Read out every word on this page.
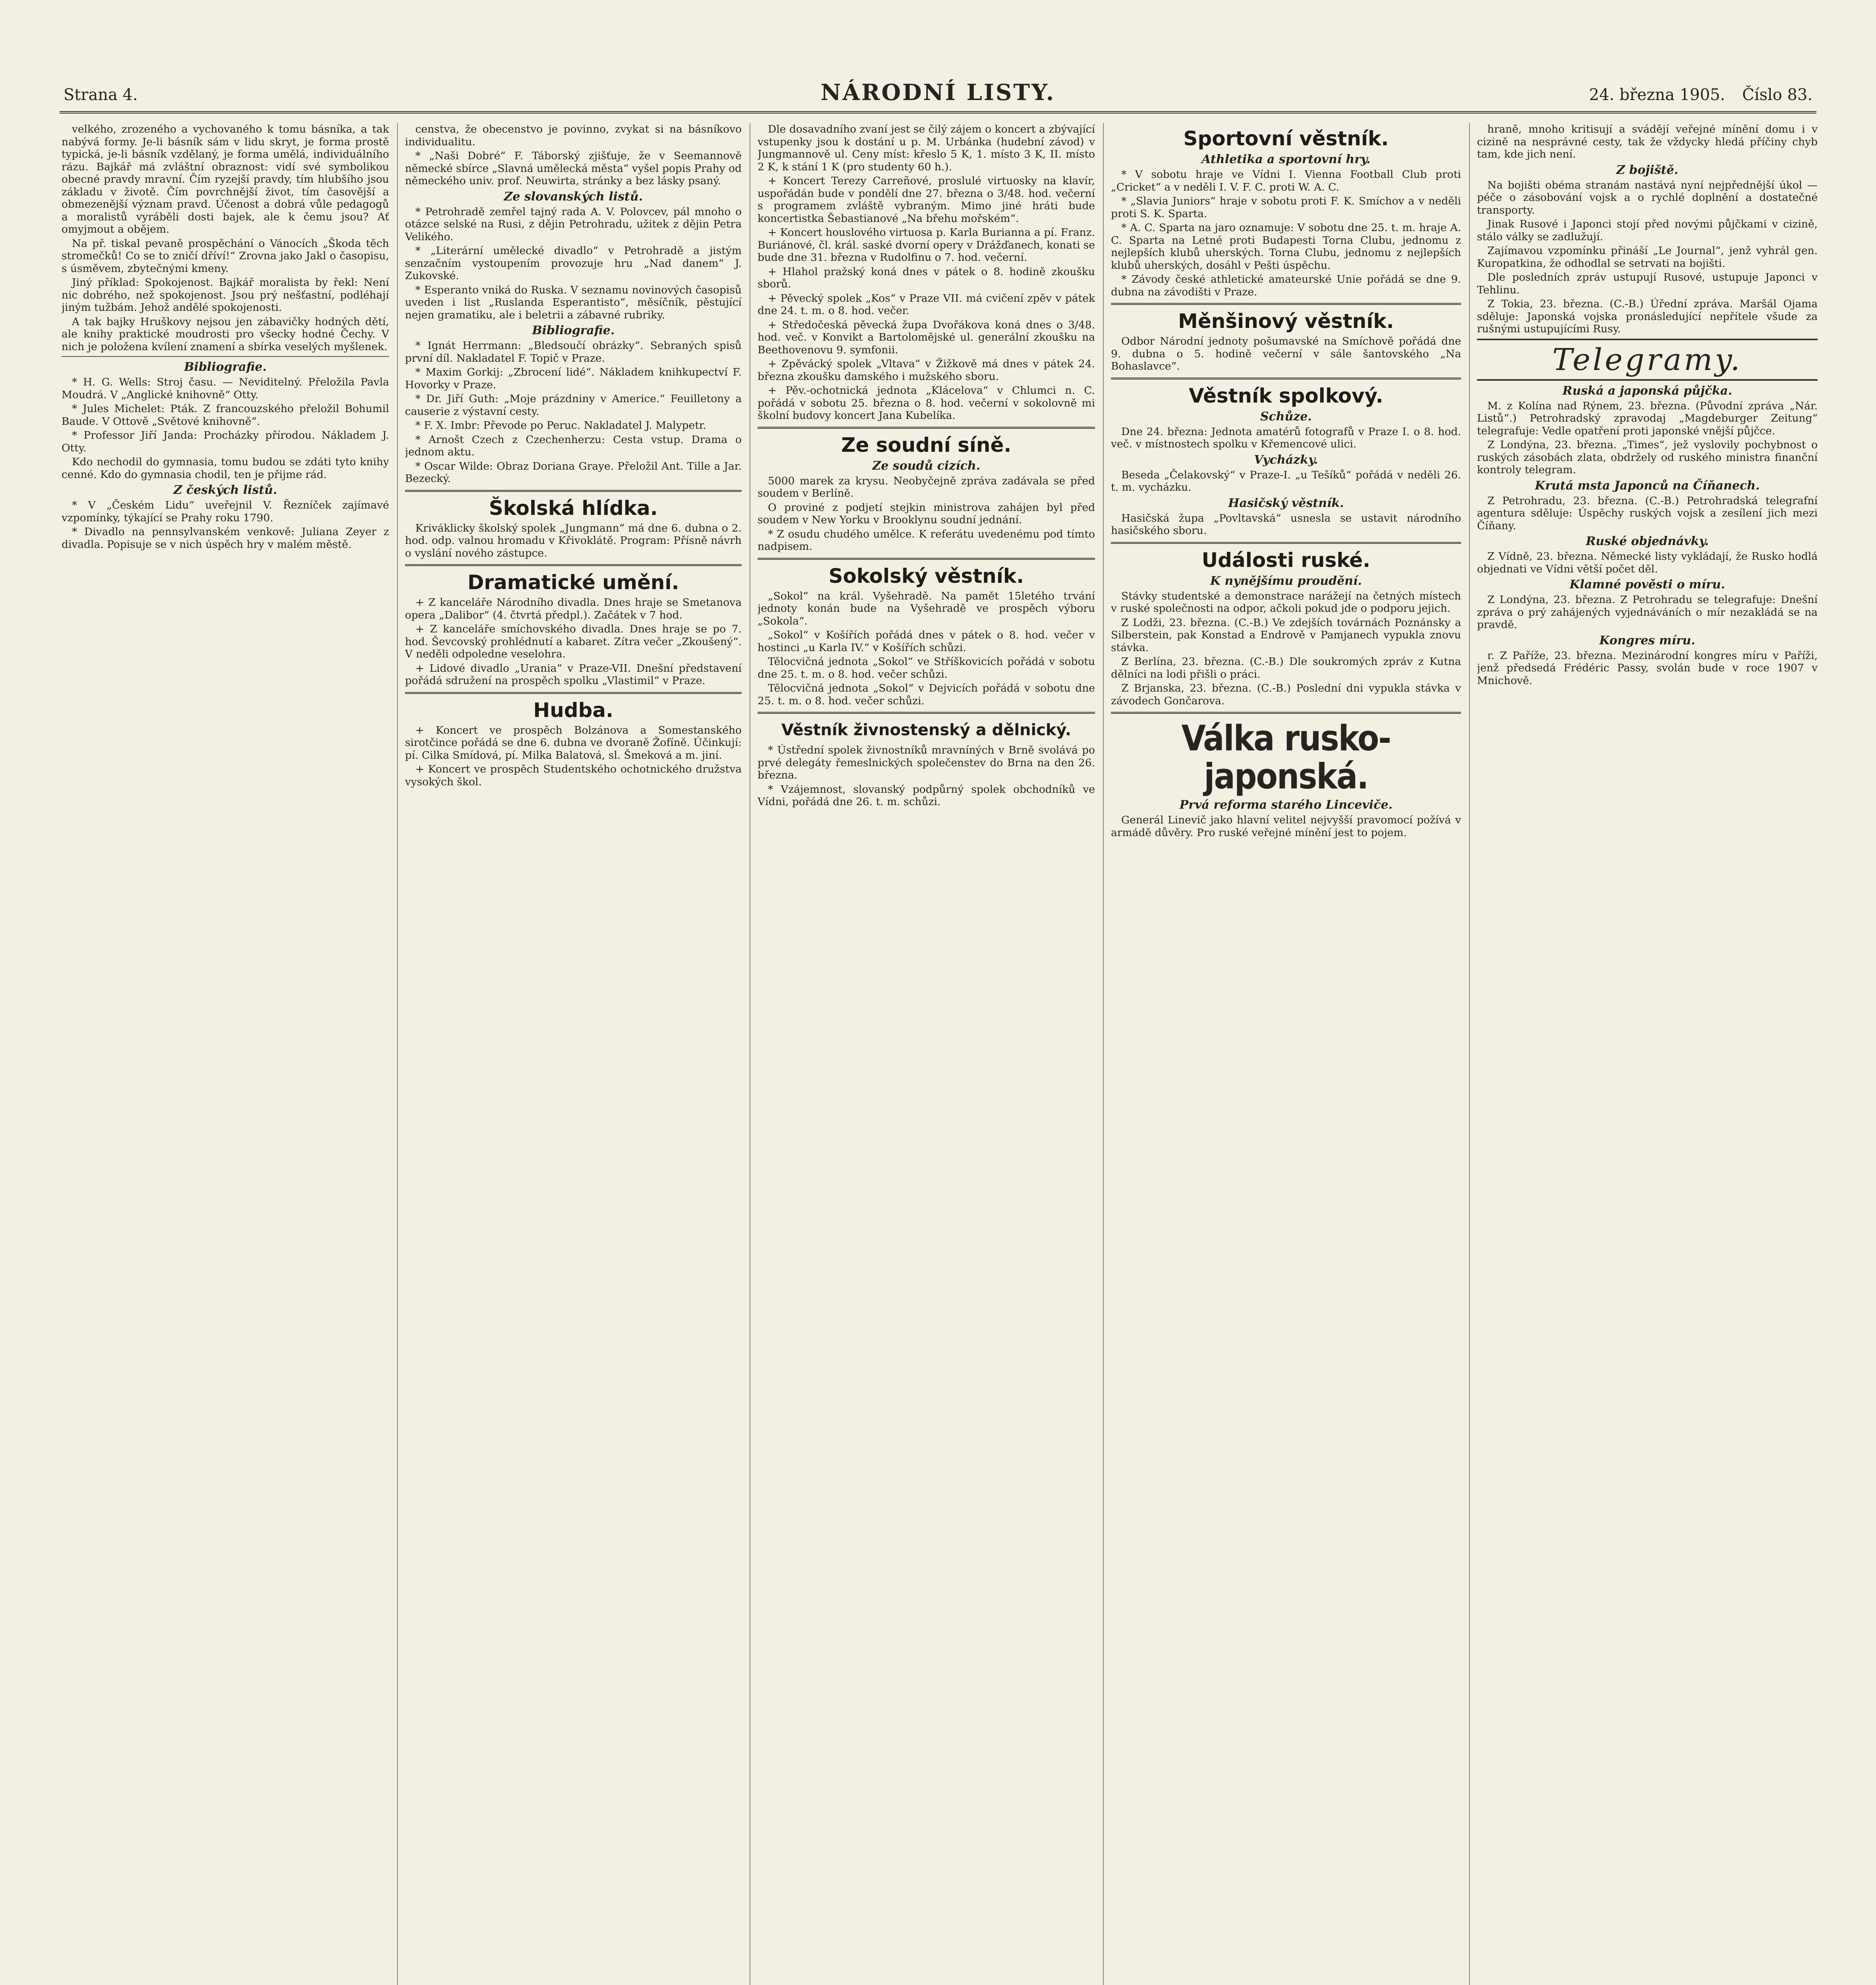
Strana 4.	NÁRODNÍ LISTY.	24. března 1905. Číslo 83.

velkého, zrozeného a vychovaného k tomu básníka, a tak nabývá formy. Je-li básník sám v lidu skryt, je forma prostě typická, je-li básník vzdělaný, je forma umělá, individuálního rázu. Bajkář má zvláštní obraznost: vidí své symbolikou obecné pravdy mravní. Čím ryzejší pravdy, tím hlubšího jsou základu v životě. Čím povrchnější život, tím časovější a obmezenější význam pravd. Účenost a dobrá vůle pedagogů a moralistů vyráběli dosti bajek, ale k čemu jsou? Ať omyjmout a obějem.

Na př. tiskal pevaně prospěchání o Vánocích „Škoda těch stromečků! Co se to zničí dříví!“ Zrovna jako Jakl o časopisu, s úsměvem, zbytečnými kmeny.

Jiný příklad: Spokojenost. Bajkář moralista by řekl: Není nic dobrého, než spokojenost. Jsou prý nešťastní, podléhají jiným tužbám. Jehož andělé spokojenosti.

A tak bajky Hruškovy nejsou jen zábavičky hodných dětí, ale knihy praktické moudrosti pro všecky hodné Čechy. V nich je položena kvílení znamení a sbírka veselých myšlenek.

Bibliografie.

* H. G. Wells: Stroj času. — Neviditelný. Přeložila Pavla Moudrá. V „Anglické knihovně“ Otty.

* Jules Michelet: Pták. Z francouzského přeložil Bohumil Baude. V Ottově „Světové knihovně“.

* Professor Jiří Janda: Procházky přírodou. Nákladem J. Otty.

Kdo nechodil do gymnasia, tomu budou se zdáti tyto knihy cenné. Kdo do gymnasia chodil, ten je přijme rád.

Z českých listů.

* V „Českém Lidu“ uveřejnil V. Řezníček zajímavé vzpomínky, týkající se Prahy roku 1790.

* Divadlo na pennsylvanském venkově: Juliana Zeyer z divadla. Popisuje se v nich úspěch hry v malém městě.

censtva, že obecenstvo je povinno, zvykat si na básníkovo individualitu.

* „Naši Dobré“ F. Táborský zjišťuje, že v Seemannově německé sbírce „Slavná umělecká města“ vyšel popis Prahy od německého univ. prof. Neuwirta, stránky a bez lásky psaný.

Ze slovanských listů.

* Petrohradě zemřel tajný rada A. V. Polovcev, pál mnoho o otázce selské na Rusi, z dějin Petrohradu, užitek z dějin Petra Velikého.

* „Literární umělecké divadlo“ v Petrohradě a jistým senzačním vystoupením provozuje hru „Nad danem“ J. Zukovské.

* Esperanto vniká do Ruska. V seznamu novinových časopisů uveden i list „Ruslanda Esperantisto“, měsíčník, pěstující nejen gramatiku, ale i beletrii a zábavné rubriky.

Bibliografie.

* Ignát Herrmann: „Bledsoučí obrázky“. Sebraných spisů první díl. Nakladatel F. Topič v Praze.

* Maxim Gorkij: „Zbrocení lidé“. Nákladem knihkupectví F. Hovorky v Praze.

* Dr. Jiří Guth: „Moje prázdniny v Americe.“ Feuilletony a causerie z výstavní cesty.

* F. X. Imbr: Převode po Peruc. Nakladatel J. Malypetr.

* Arnošt Czech z Czechenherzu: Cesta vstup. Drama o jednom aktu.

* Oscar Wilde: Obraz Doriana Graye. Přeložil Ant. Tille a Jar. Bezecký.

Školská hlídka.

Kriváklicky školský spolek „Jungmann“ má dne 6. dubna o 2. hod. odp. valnou hromadu v Křivoklátě. Program: Přísně návrh o vyslání nového zástupce.

Dramatické umění.

+ Z kanceláře Národního divadla. Dnes hraje se Smetanova opera „Dalibor“ (4. čtvrtá předpl.). Začátek v 7 hod.

+ Z kanceláře smíchovského divadla. Dnes hraje se po 7. hod. Ševcovský prohlédnutí a kabaret. Zítra večer „Zkoušený“. V neděli odpoledne veselohra.

+ Lidové divadlo „Urania“ v Praze-VII. Dnešní představení pořádá sdružení na prospěch spolku „Vlastimil“ v Praze.

Hudba.

+ Koncert ve prospěch Bolzánova a Somestanského sirotčince pořádá se dne 6. dubna ve dvoraně Žofíně. Účinkují: pí. Cilka Smídová, pí. Milka Balatová, sl. Šmeková a m. jiní.

+ Koncert ve prospěch Studentského ochotnického družstva vysokých škol.

Dle dosavadního zvaní jest se čilý zájem o koncert a zbývající vstupenky jsou k dostání u p. M. Urbánka (hudební závod) v Jungmannově ul. Ceny míst: křeslo 5 K, 1. místo 3 K, II. místo 2 K, k stání 1 K (pro studenty 60 h.).

+ Koncert Terezy Carreñové, proslulé virtuosky na klavír, uspořádán bude v pondělí dne 27. března o 3/48. hod. večerní s programem zvláště vybraným. Mimo jiné hráti bude koncertistka Šebastianové „Na břehu mořském“.

+ Koncert houslového virtuosa p. Karla Burianna a pí. Franz. Buriánové, čl. král. saské dvorní opery v Drážďanech, konati se bude dne 31. března v Rudolfinu o 7. hod. večerní.

+ Hlahol pražský koná dnes v pátek o 8. hodině zkoušku sborů.

+ Pěvecký spolek „Kos“ v Praze VII. má cvičení zpěv v pátek dne 24. t. m. o 8. hod. večer.

+ Středočeská pěvecká župa Dvořákova koná dnes o 3/48. hod. več. v Konvikt a Bartolomějské ul. generální zkoušku na Beethovenovu 9. symfonii.

+ Zpěvácký spolek „Vltava“ v Žižkově má dnes v pátek 24. března zkoušku damského i mužského sboru.

+ Pěv.-ochotnická jednota „Klácelova“ v Chlumci n. C. pořádá v sobotu 25. března o 8. hod. večerní v sokolovně mi školní budovy koncert Jana Kubelíka.

Ze soudní síně.
Ze soudů cizích.

5000 marek za krysu. Neobyčejně zpráva zadávala se před soudem v Berlíně.

O proviné z podjetí stejkin ministrova zahájen byl před soudem v New Yorku v Brooklynu soudní jednání.

* Z osudu chudého umělce. K referátu uvedenému pod tímto nadpisem.

Sokolský věstník.

„Sokol“ na král. Vyšehradě. Na pamět 15letého trvání jednoty konán bude na Vyšehradě ve prospěch výboru „Sokola“.

„Sokol“ v Košířích pořádá dnes v pátek o 8. hod. večer v hostinci „u Karla IV.“ v Košířích schůzi.

Tělocvičná jednota „Sokol“ ve Stříškovicích pořádá v sobotu dne 25. t. m. o 8. hod. večer schůzi.

Tělocvičná jednota „Sokol“ v Dejvicích pořádá v sobotu dne 25. t. m. o 8. hod. večer schůzi.

Věstník živnostenský a dělnický.

* Ústřední spolek živnostníků mravníných v Brně svolává po prvé delegáty řemeslnických společenstev do Brna na den 26. března.

* Vzájemnost, slovanský podpůrný spolek obchodníků ve Vídni, pořádá dne 26. t. m. schůzi.

Sportovní věstník.
Athletika a sportovní hry.

* V sobotu hraje ve Vídni I. Vienna Football Club proti „Cricket“ a v neděli I. V. F. C. proti W. A. C.

* „Slavia Juniors“ hraje v sobotu proti F. K. Smíchov a v neděli proti S. K. Sparta.

* A. C. Sparta na jaro oznamuje: V sobotu dne 25. t. m. hraje A. C. Sparta na Letné proti Budapesti Torna Clubu, jednomu z nejlepších klubů uherských. Torna Clubu, jednomu z nejlepších klubů uherských, dosáhl v Pešti úspěchu.

* Závody české athletické amateurské Unie pořádá se dne 9. dubna na závodišti v Praze.

Měnšinový věstník.

Odbor Národní jednoty pošumavské na Smíchově pořádá dne 9. dubna o 5. hodině večerní v sále šantovského „Na Bohaslavce“.

Věstník spolkový.
Schůze.

Dne 24. března: Jednota amatérů fotografů v Praze I. o 8. hod. več. v místnostech spolku v Křemencové ulici.

Vycházky.

Beseda „Čelakovský“ v Praze-I. „u Tešíků“ pořádá v neděli 26. t. m. vycházku.

Hasičský věstník.

Hasičská župa „Povltavská“ usnesla se ustavit národního hasičského sboru.

Události ruské.
K nynějšímu proudění.

Stávky studentské a demonstrace narážejí na četných místech v ruské společnosti na odpor, ačkoli pokud jde o podporu jejich.

Z Lodži, 23. března. (C.-B.) Ve zdejších továrnách Poznánsky a Silberstein, pak Konstad a Endrově v Pamjanech vypukla znovu stávka.

Z Berlína, 23. března. (C.-B.) Dle soukromých zpráv z Kutna dělníci na lodi přišli o práci.

Z Brjanska, 23. března. (C.-B.) Poslední dni vypukla stávka v závodech Gončarova.

Válka rusko-japonská.
Prvá reforma starého Linceviče.

Generál Linevič jako hlavní velitel nejvyšší pravomocí požívá v armádě důvěry. Pro ruské veřejné mínění jest to pojem.

hraně, mnoho kritisují a svádějí veřejné mínění domu i v cizině na nesprávné cesty, tak že vždycky hledá příčiny chyb tam, kde jich není.

Z bojiště.

Na bojišti obéma stranám nastává nyní nejpřednější úkol — péče o zásobování vojsk a o rychlé doplnění a dostatečné transporty.

Jinak Rusové i Japonci stojí před novými půjčkami v cizině, stálo války se zadlužují.

Zajímavou vzpomínku přináší „Le Journal“, jenž vyhrál gen. Kuropatkina, že odhodlal se setrvati na bojišti.

Dle posledních zpráv ustupují Rusové, ustupuje Japonci v Tehlinu.

Z Tokia, 23. března. (C.-B.) Úřední zpráva. Maršál Ojama sděluje: Japonská vojska pronásledující nepřítele všude za rušnými ustupujícími Rusy.

Telegramy.
Ruská a japonská půjčka.

M. z Kolína nad Rýnem, 23. března. (Původní zpráva „Nár. Listů“.) Petrohradský zpravodaj „Magdeburger Zeitung“ telegrafuje: Vedle opatření proti japonské vnější půjčce.

Z Londýna, 23. března. „Times“, jež vyslovily pochybnost o ruských zásobách zlata, obdržely od ruského ministra finanční kontroly telegram.

Krutá msta Japonců na Číňanech.

Z Petrohradu, 23. března. (C.-B.) Petrohradská telegrafní agentura sděluje: Úspěchy ruských vojsk a zesílení jich mezi Číňany.

Ruské objednávky.

Z Vídně, 23. března. Německé listy vykládají, že Rusko hodlá objednati ve Vídni větší počet děl.

Klamné pověsti o míru.

Z Londýna, 23. března. Z Petrohradu se telegrafuje: Dnešní zpráva o prý zahájených vyjednáváních o mír nezakládá se na pravdě.

Kongres míru.

r. Z Paříže, 23. března. Mezinárodní kongres míru v Paříži, jenž předsedá Frédéric Passy, svolán bude v roce 1907 v Mnichově.
